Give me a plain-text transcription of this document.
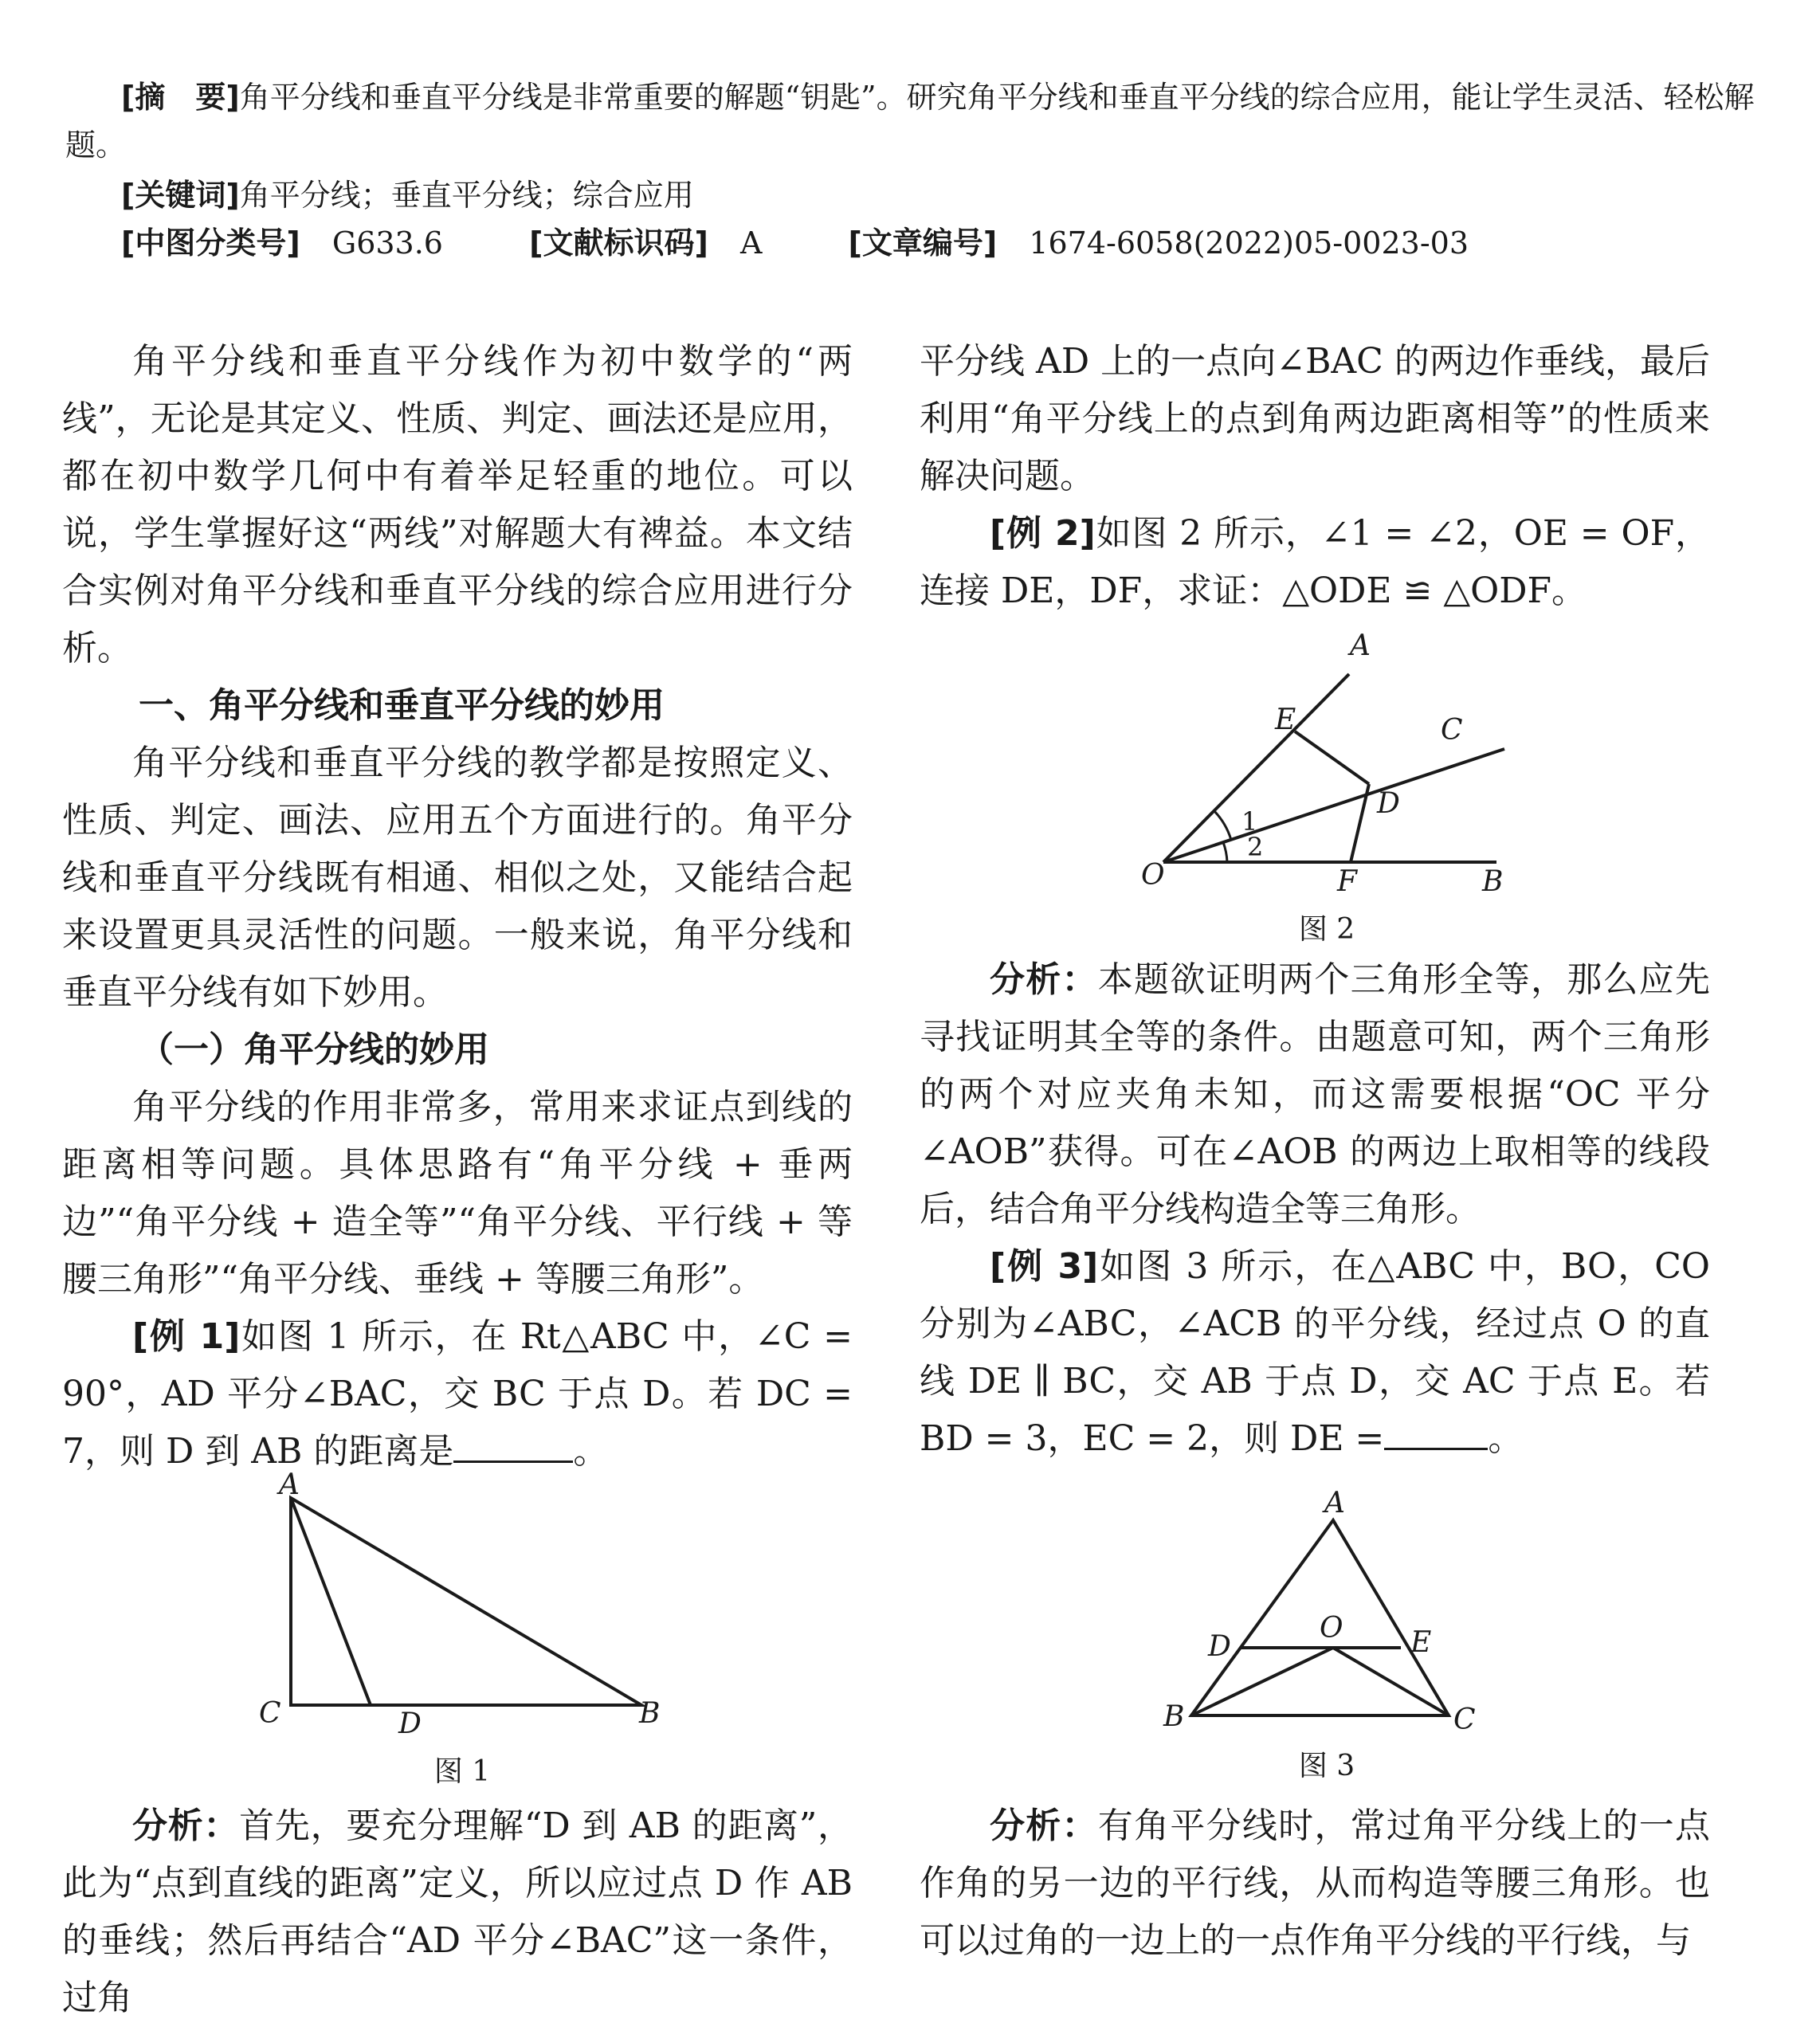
[摘　要]角平分线和垂直平分线是非常重要的解题“钥匙”。研究角平分线和垂直平分线的综合应用，能让学生灵活、轻松解题。
[关键词]角平分线；垂直平分线；综合应用
[中图分类号] G633.6	[文献标识码] A	[文章编号] 1674-6058(2022)05-0023-03

角平分线和垂直平分线作为初中数学的“两线”，无论是其定义、性质、判定、画法还是应用，都在初中数学几何中有着举足轻重的地位。可以说，学生掌握好这“两线”对解题大有裨益。本文结合实例对角平分线和垂直平分线的综合应用进行分析。

一、角平分线和垂直平分线的妙用

角平分线和垂直平分线的教学都是按照定义、性质、判定、画法、应用五个方面进行的。角平分线和垂直平分线既有相通、相似之处，又能结合起来设置更具灵活性的问题。一般来说，角平分线和垂直平分线有如下妙用。

（一）角平分线的妙用

角平分线的作用非常多，常用来求证点到线的距离相等问题。具体思路有“角平分线 + 垂两边”“角平分线 + 造全等”“角平分线、平行线 + 等腰三角形”“角平分线、垂线 + 等腰三角形”。

[例 1]如图 1 所示，在 Rt△ABC 中，∠C = 90°，AD 平分∠BAC，交 BC 于点 D。若 DC = 7，则 D 到 AB 的距离是	。

A
C	D	B
图 1

分析：首先，要充分理解“D 到 AB 的距离”，此为“点到直线的距离”定义，所以应过点 D 作 AB 的垂线；然后再结合“AD 平分∠BAC”这一条件，过角

平分线 AD 上的一点向∠BAC 的两边作垂线，最后利用“角平分线上的点到角两边距离相等”的性质来解决问题。

[例 2]如图 2 所示，∠1 = ∠2，OE = OF，连接 DE，DF，求证：△ODE ≌ △ODF。

A
E	C
D
1
2
O	F	B
图 2

分析：本题欲证明两个三角形全等，那么应先寻找证明其全等的条件。由题意可知，两个三角形的两个对应夹角未知，而这需要根据“OC 平分∠AOB”获得。可在∠AOB 的两边上取相等的线段后，结合角平分线构造全等三角形。

[例 3]如图 3 所示，在△ABC 中，BO，CO 分别为∠ABC，∠ACB 的平分线，经过点 O 的直线 DE ∥ BC，交 AB 于点 D，交 AC 于点 E。若 BD = 3，EC = 2，则 DE =	。

A
D
O E
B	C
图 3

分析：有角平分线时，常过角平分线上的一点作角的另一边的平行线，从而构造等腰三角形。也可以过角的一边上的一点作角平分线的平行线，与
